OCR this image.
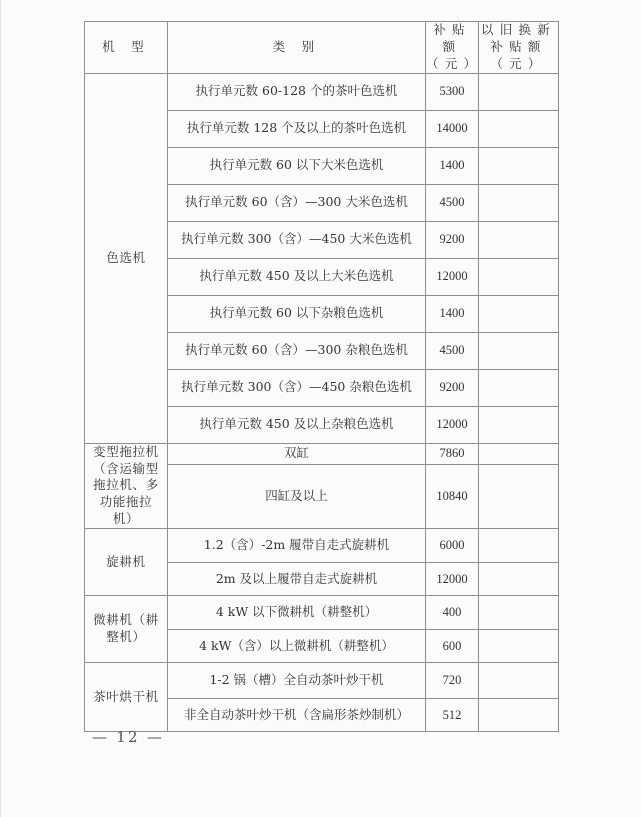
机 型	类 别	补贴额（元）	以旧换新补贴额（元）
色选机	执行单元数 60-128 个的茶叶色选机	5300	
	执行单元数 128 个及以上的茶叶色选机	14000	
	执行单元数 60 以下大米色选机	1400	
	执行单元数 60（含）—300 大米色选机	4500	
	执行单元数 300（含）—450 大米色选机	9200	
	执行单元数 450 及以上大米色选机	12000	
	执行单元数 60 以下杂粮色选机	1400	
	执行单元数 60（含）—300 杂粮色选机	4500	
	执行单元数 300（含）—450 杂粮色选机	9200	
	执行单元数 450 及以上杂粮色选机	12000	
变型拖拉机（含运输型拖拉机、多功能拖拉机）	双缸	7860	
	四缸及以上	10840	
旋耕机	1.2（含）-2m 履带自走式旋耕机	6000	
	2m 及以上履带自走式旋耕机	12000	
微耕机（耕整机）	4 kW 以下微耕机（耕整机）	400	
	4 kW（含）以上微耕机（耕整机）	600	
茶叶烘干机	1-2 锅（槽）全自动茶叶炒干机	720	
	非全自动茶叶炒干机（含扁形茶炒制机）	512	
— 12 —
